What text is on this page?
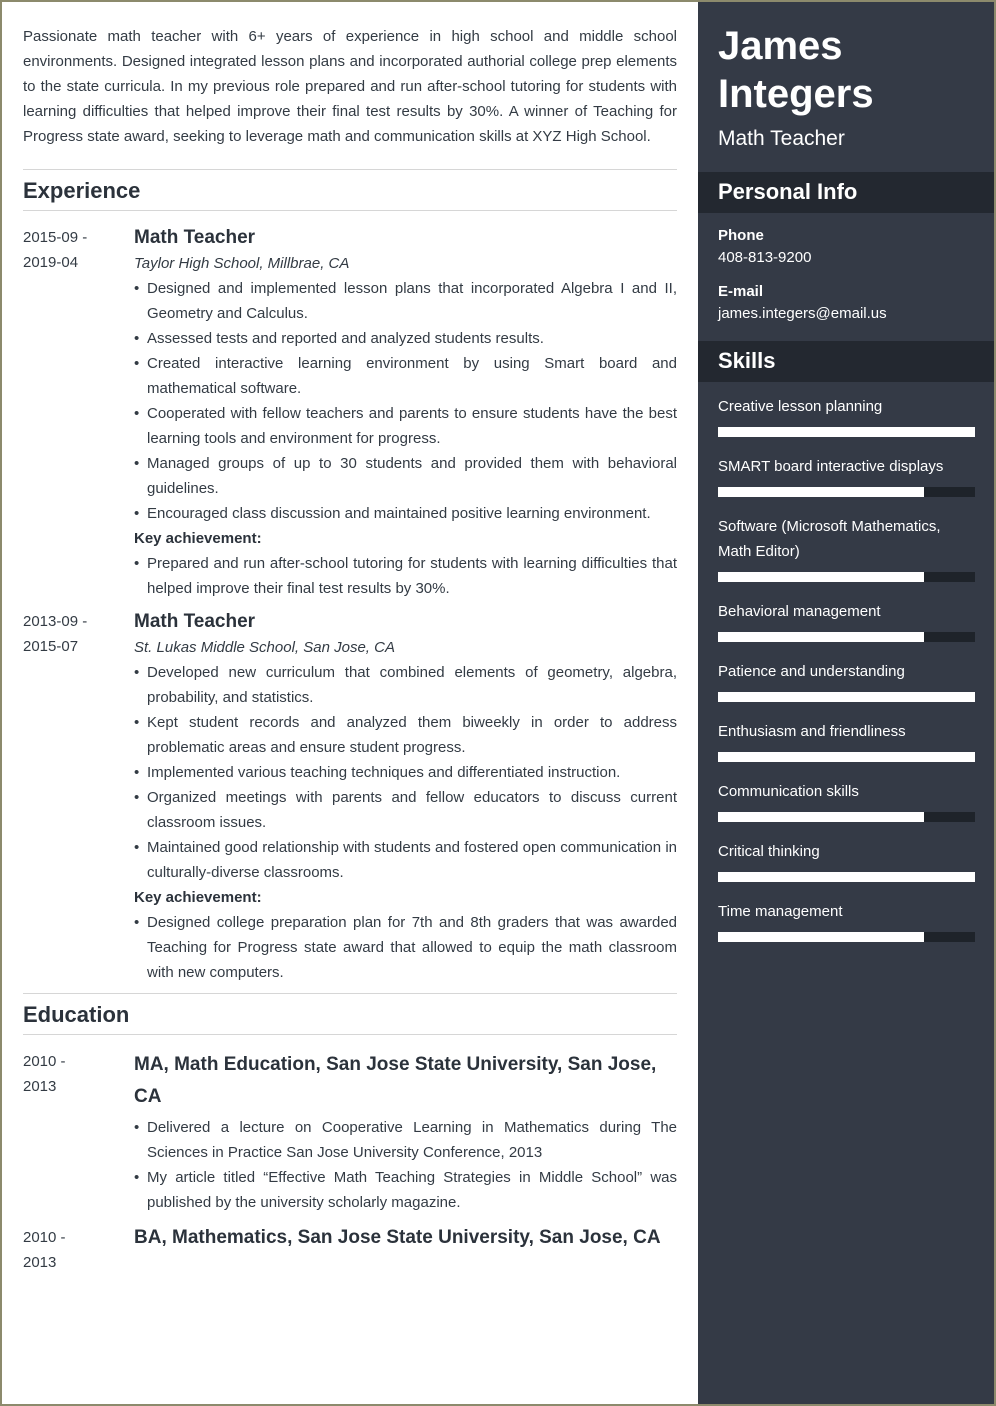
Passionate math teacher with 6+ years of experience in high school and middle school environments. Designed integrated lesson plans and incorporated authorial college prep elements to the state curricula. In my previous role prepared and run after-school tutoring for students with learning difficulties that helped improve their final test results by 30%. A winner of Teaching for Progress state award, seeking to leverage math and communication skills at XYZ High School.

Experience
2015-09 -
2019-04
Math Teacher
Taylor High School, Millbrae, CA
• Designed and implemented lesson plans that incorporated Algebra I and II, Geometry and Calculus.
• Assessed tests and reported and analyzed students results.
• Created interactive learning environment by using Smart board and mathematical software.
• Cooperated with fellow teachers and parents to ensure students have the best learning tools and environment for progress.
• Managed groups of up to 30 students and provided them with behavioral guidelines.
• Encouraged class discussion and maintained positive learning environment.
Key achievement:
• Prepared and run after-school tutoring for students with learning difficulties that helped improve their final test results by 30%.
2013-09 -
2015-07
Math Teacher
St. Lukas Middle School, San Jose, CA
• Developed new curriculum that combined elements of geometry, algebra, probability, and statistics.
• Kept student records and analyzed them biweekly in order to address problematic areas and ensure student progress.
• Implemented various teaching techniques and differentiated instruction.
• Organized meetings with parents and fellow educators to discuss current classroom issues.
• Maintained good relationship with students and fostered open communication in culturally-diverse classrooms.
Key achievement:
• Designed college preparation plan for 7th and 8th graders that was awarded Teaching for Progress state award that allowed to equip the math classroom with new computers.
Education
2010 -
2013
MA, Math Education, San Jose State University, San Jose, CA
• Delivered a lecture on Cooperative Learning in Mathematics during The Sciences in Practice San Jose University Conference, 2013
• My article titled “Effective Math Teaching Strategies in Middle School” was published by the university scholarly magazine.
2010 -
2013
BA, Mathematics, San Jose State University, San Jose, CA
James
Integers
Math Teacher
Personal Info
Phone
408-813-9200
E-mail
james.integers@email.us
Skills
Creative lesson planning
SMART board interactive displays
Software (Microsoft Mathematics, Math Editor)
Behavioral management
Patience and understanding
Enthusiasm and friendliness
Communication skills
Critical thinking
Time management
